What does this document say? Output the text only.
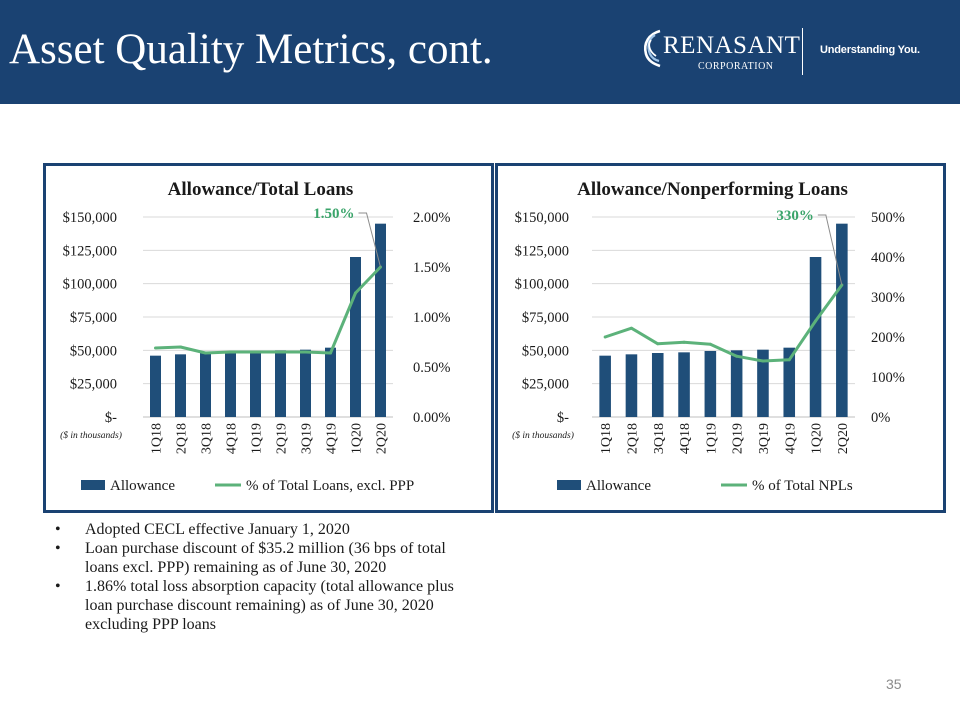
Asset Quality Metrics, cont.	RENASANT
CORPORATION
Understanding You.
Allowance/Total Loans
$-
$25,000
$50,000
$75,000
$100,000
$125,000
$150,000
0.00%
0.50%
1.00%
1.50%
2.00%
($ in thousands) 1Q18 2Q18 3Q18 4Q18 1Q19 2Q19 3Q19 4Q19 1Q20 2Q20
1.50%
Allowance	% of Total Loans, excl. PPP
Allowance/Nonperforming Loans
$-
$25,000
$50,000
$75,000
$100,000
$125,000
$150,000
0%
100%
200%
300%
400%
500%
($ in thousands) 1Q18 2Q18 3Q18 4Q18 1Q19 2Q19 3Q19 4Q19 1Q20 2Q20
330%
Allowance	% of Total NPLs
• Adopted CECL effective January 1, 2020
• Loan purchase discount of $35.2 million (36 bps of total loans excl. PPP) remaining as of June 30, 2020
• 1.86% total loss absorption capacity (total allowance plus loan purchase discount remaining) as of June 30, 2020 excluding PPP loans
35
